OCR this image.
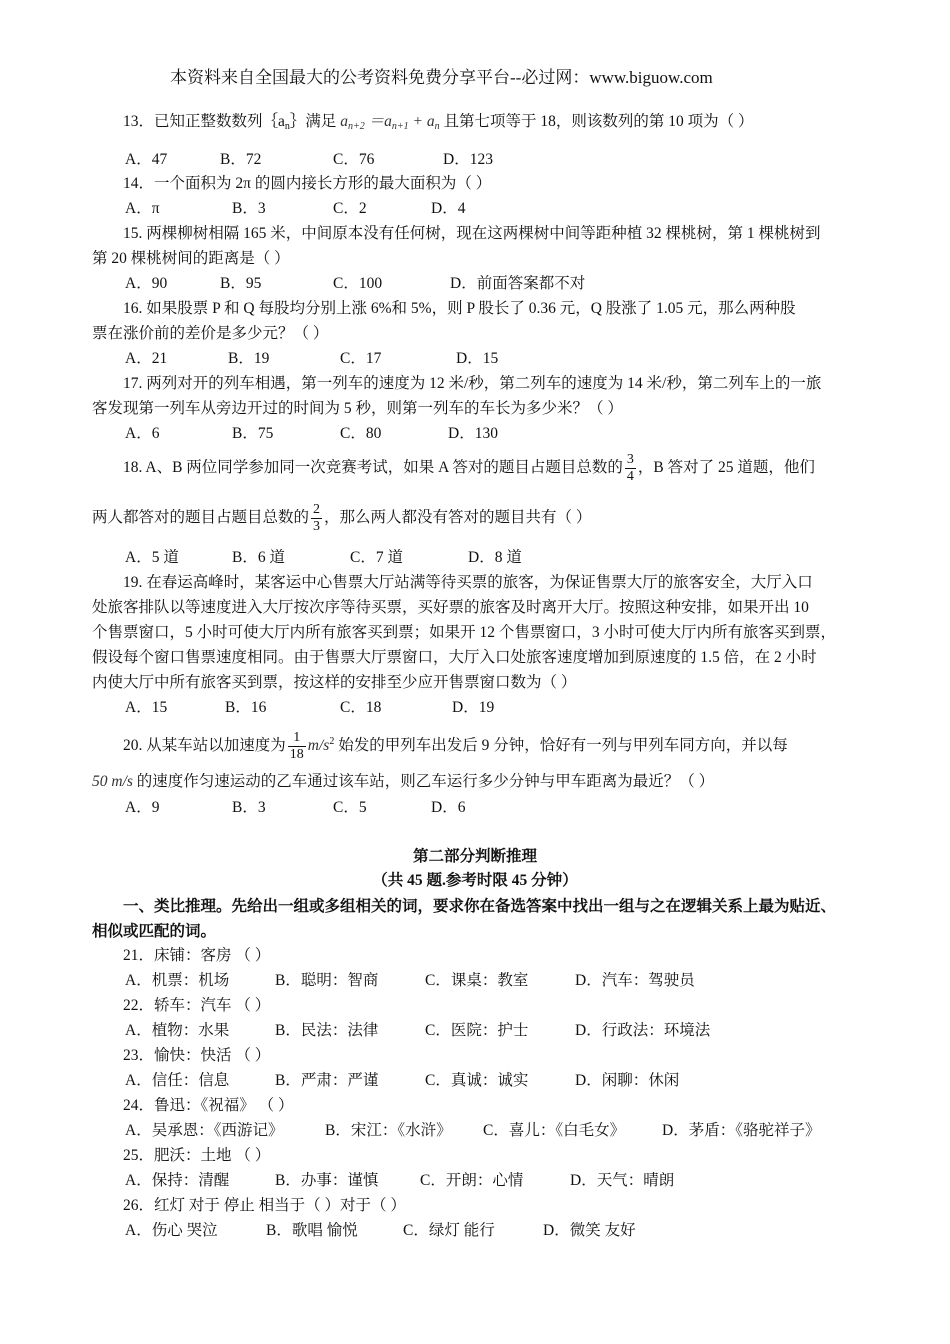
本资料来自全国最大的公考资料免费分享平台--必过网：www.biguow.com
13．已知正整数数列$\{a_n\}$满足 $a_{n+2} =a_{n+1} + a_n$ 且第七项等于 18，则该数列的第 10 项为（ ）
A．47	B．72	C．76	D．123
14．一个面积为 2π 的圆内接长方形的最大面积为（ ）
A．π	B．3	C．2	D．4
15. 两棵柳树相隔 165 米，中间原本没有任何树，现在这两棵树中间等距种植 32 棵桃树，第 1 棵桃树到
第 20 棵桃树间的距离是（ ）
A．90	B．95	C．100	D．前面答案都不对
16. 如果股票 P 和 Q 每股均分别上涨 6%和 5%，则 P 股长了 0.36 元，Q 股涨了 1.05 元，那么两种股
票在涨价前的差价是多少元？（ ）
A．21	B．19	C．17	D．15
17. 两列对开的列车相遇，第一列车的速度为 12 米/秒，第二列车的速度为 14 米/秒，第二列车上的一旅
客发现第一列车从旁边开过的时间为 5 秒，则第一列车的车长为多少米？（ ）
A．6	B．75	C．80	D．130
18. A、B 两位同学参加同一次竞赛考试，如果 A 答对的题目占题目总数的 $\frac{3}{4}$ ，B 答对了 25 道题，他们
两人都答对的题目占题目总数的 $\frac{2}{3}$ ，那么两人都没有答对的题目共有（ ）
A．5 道	B．6 道	C．7 道	D．8 道
19. 在春运高峰时，某客运中心售票大厅站满等待买票的旅客，为保证售票大厅的旅客安全，大厅入口
处旅客排队以等速度进入大厅按次序等待买票，买好票的旅客及时离开大厅。按照这种安排，如果开出 10
个售票窗口，5 小时可使大厅内所有旅客买到票；如果开 12 个售票窗口，3 小时可使大厅内所有旅客买到票，
假设每个窗口售票速度相同。由于售票大厅票窗口，大厅入口处旅客速度增加到原速度的 1.5 倍，在 2 小时
内使大厅中所有旅客买到票，按这样的安排至少应开售票窗口数为（ ）
A．15	B．16	C．18	D．19
20. 从某车站以加速度为 $\frac{1}{18} m/s^2$ 始发的甲列车出发后 9 分钟，恰好有一列与甲列车同方向，并以每
50 m/s 的速度作匀速运动的乙车通过该车站，则乙车运行多少分钟与甲车距离为最近？（ ）
A．9	B．3	C．5	D．6
第二部分判断推理
（共 45 题.参考时限 45 分钟）
一、类比推理。先给出一组或多组相关的词，要求你在备选答案中找出一组与之在逻辑关系上最为贴近、
相似或匹配的词。
21．床铺：客房 （ ）
A．机票：机场	B．聪明：智商	C．课桌：教室	D．汽车：驾驶员
22．轿车：汽车 （ ）
A．植物：水果	B．民法：法律	C．医院：护士	D．行政法：环境法
23．愉快：快活 （ ）
A．信任：信息	B．严肃：严谨	C．真诚：诚实	D．闲聊：休闲
24．鲁迅：《祝福》 （ ）
A．吴承恩：《西游记》	B．宋江：《水浒》 C．喜儿：《白毛女》 D．茅盾：《骆驼祥子》
25．肥沃：土地 （ ）
A．保持：清醒	B．办事：谨慎	C．开朗：心情	D．天气：晴朗
26．红灯 对于 停止 相当于（ ）对于（ ）
A．伤心 哭泣	B．歌唱 愉悦	C．绿灯 能行	D．微笑 友好
